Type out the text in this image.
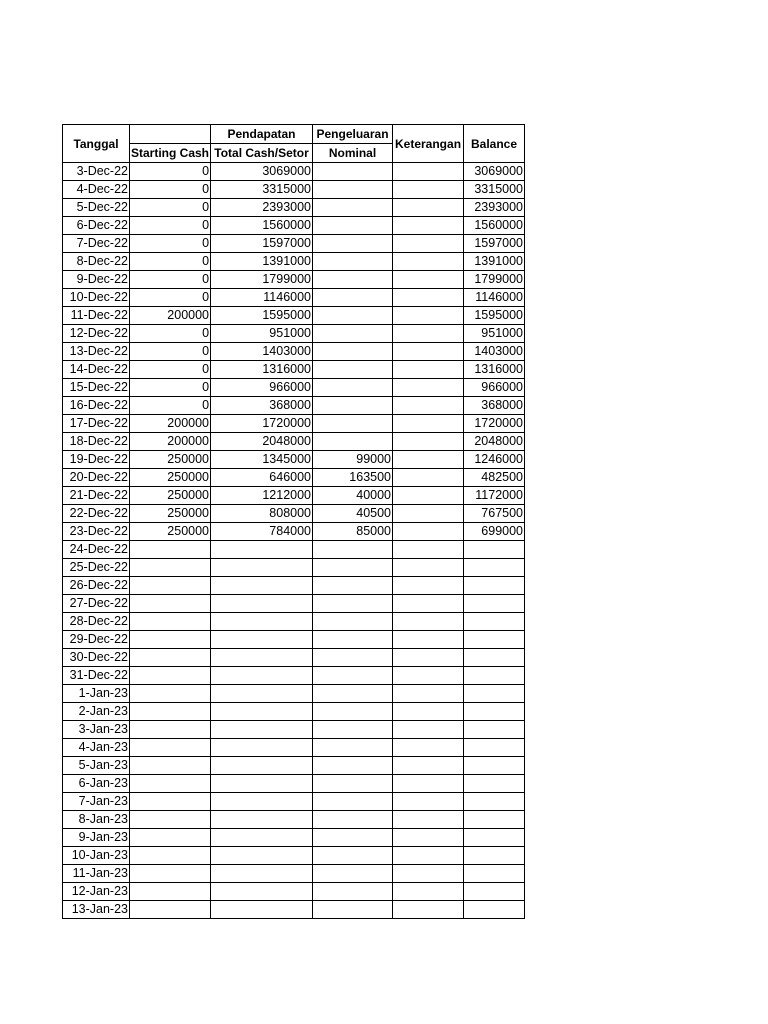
Tanggal		Pendapatan	Pengeluaran	Keterangan	Balance
	Starting Cash	Total Cash/Setor	Nominal		
3-Dec-22	0	3069000			3069000
4-Dec-22	0	3315000			3315000
5-Dec-22	0	2393000			2393000
6-Dec-22	0	1560000			1560000
7-Dec-22	0	1597000			1597000
8-Dec-22	0	1391000			1391000
9-Dec-22	0	1799000			1799000
10-Dec-22	0	1146000			1146000
11-Dec-22	200000	1595000			1595000
12-Dec-22	0	951000			951000
13-Dec-22	0	1403000			1403000
14-Dec-22	0	1316000			1316000
15-Dec-22	0	966000			966000
16-Dec-22	0	368000			368000
17-Dec-22	200000	1720000			1720000
18-Dec-22	200000	2048000			2048000
19-Dec-22	250000	1345000	99000		1246000
20-Dec-22	250000	646000	163500		482500
21-Dec-22	250000	1212000	40000		1172000
22-Dec-22	250000	808000	40500		767500
23-Dec-22	250000	784000	85000		699000
24-Dec-22					
25-Dec-22					
26-Dec-22					
27-Dec-22					
28-Dec-22					
29-Dec-22					
30-Dec-22					
31-Dec-22					
1-Jan-23					
2-Jan-23					
3-Jan-23					
4-Jan-23					
5-Jan-23					
6-Jan-23					
7-Jan-23					
8-Jan-23					
9-Jan-23					
10-Jan-23					
11-Jan-23					
12-Jan-23					
13-Jan-23					
